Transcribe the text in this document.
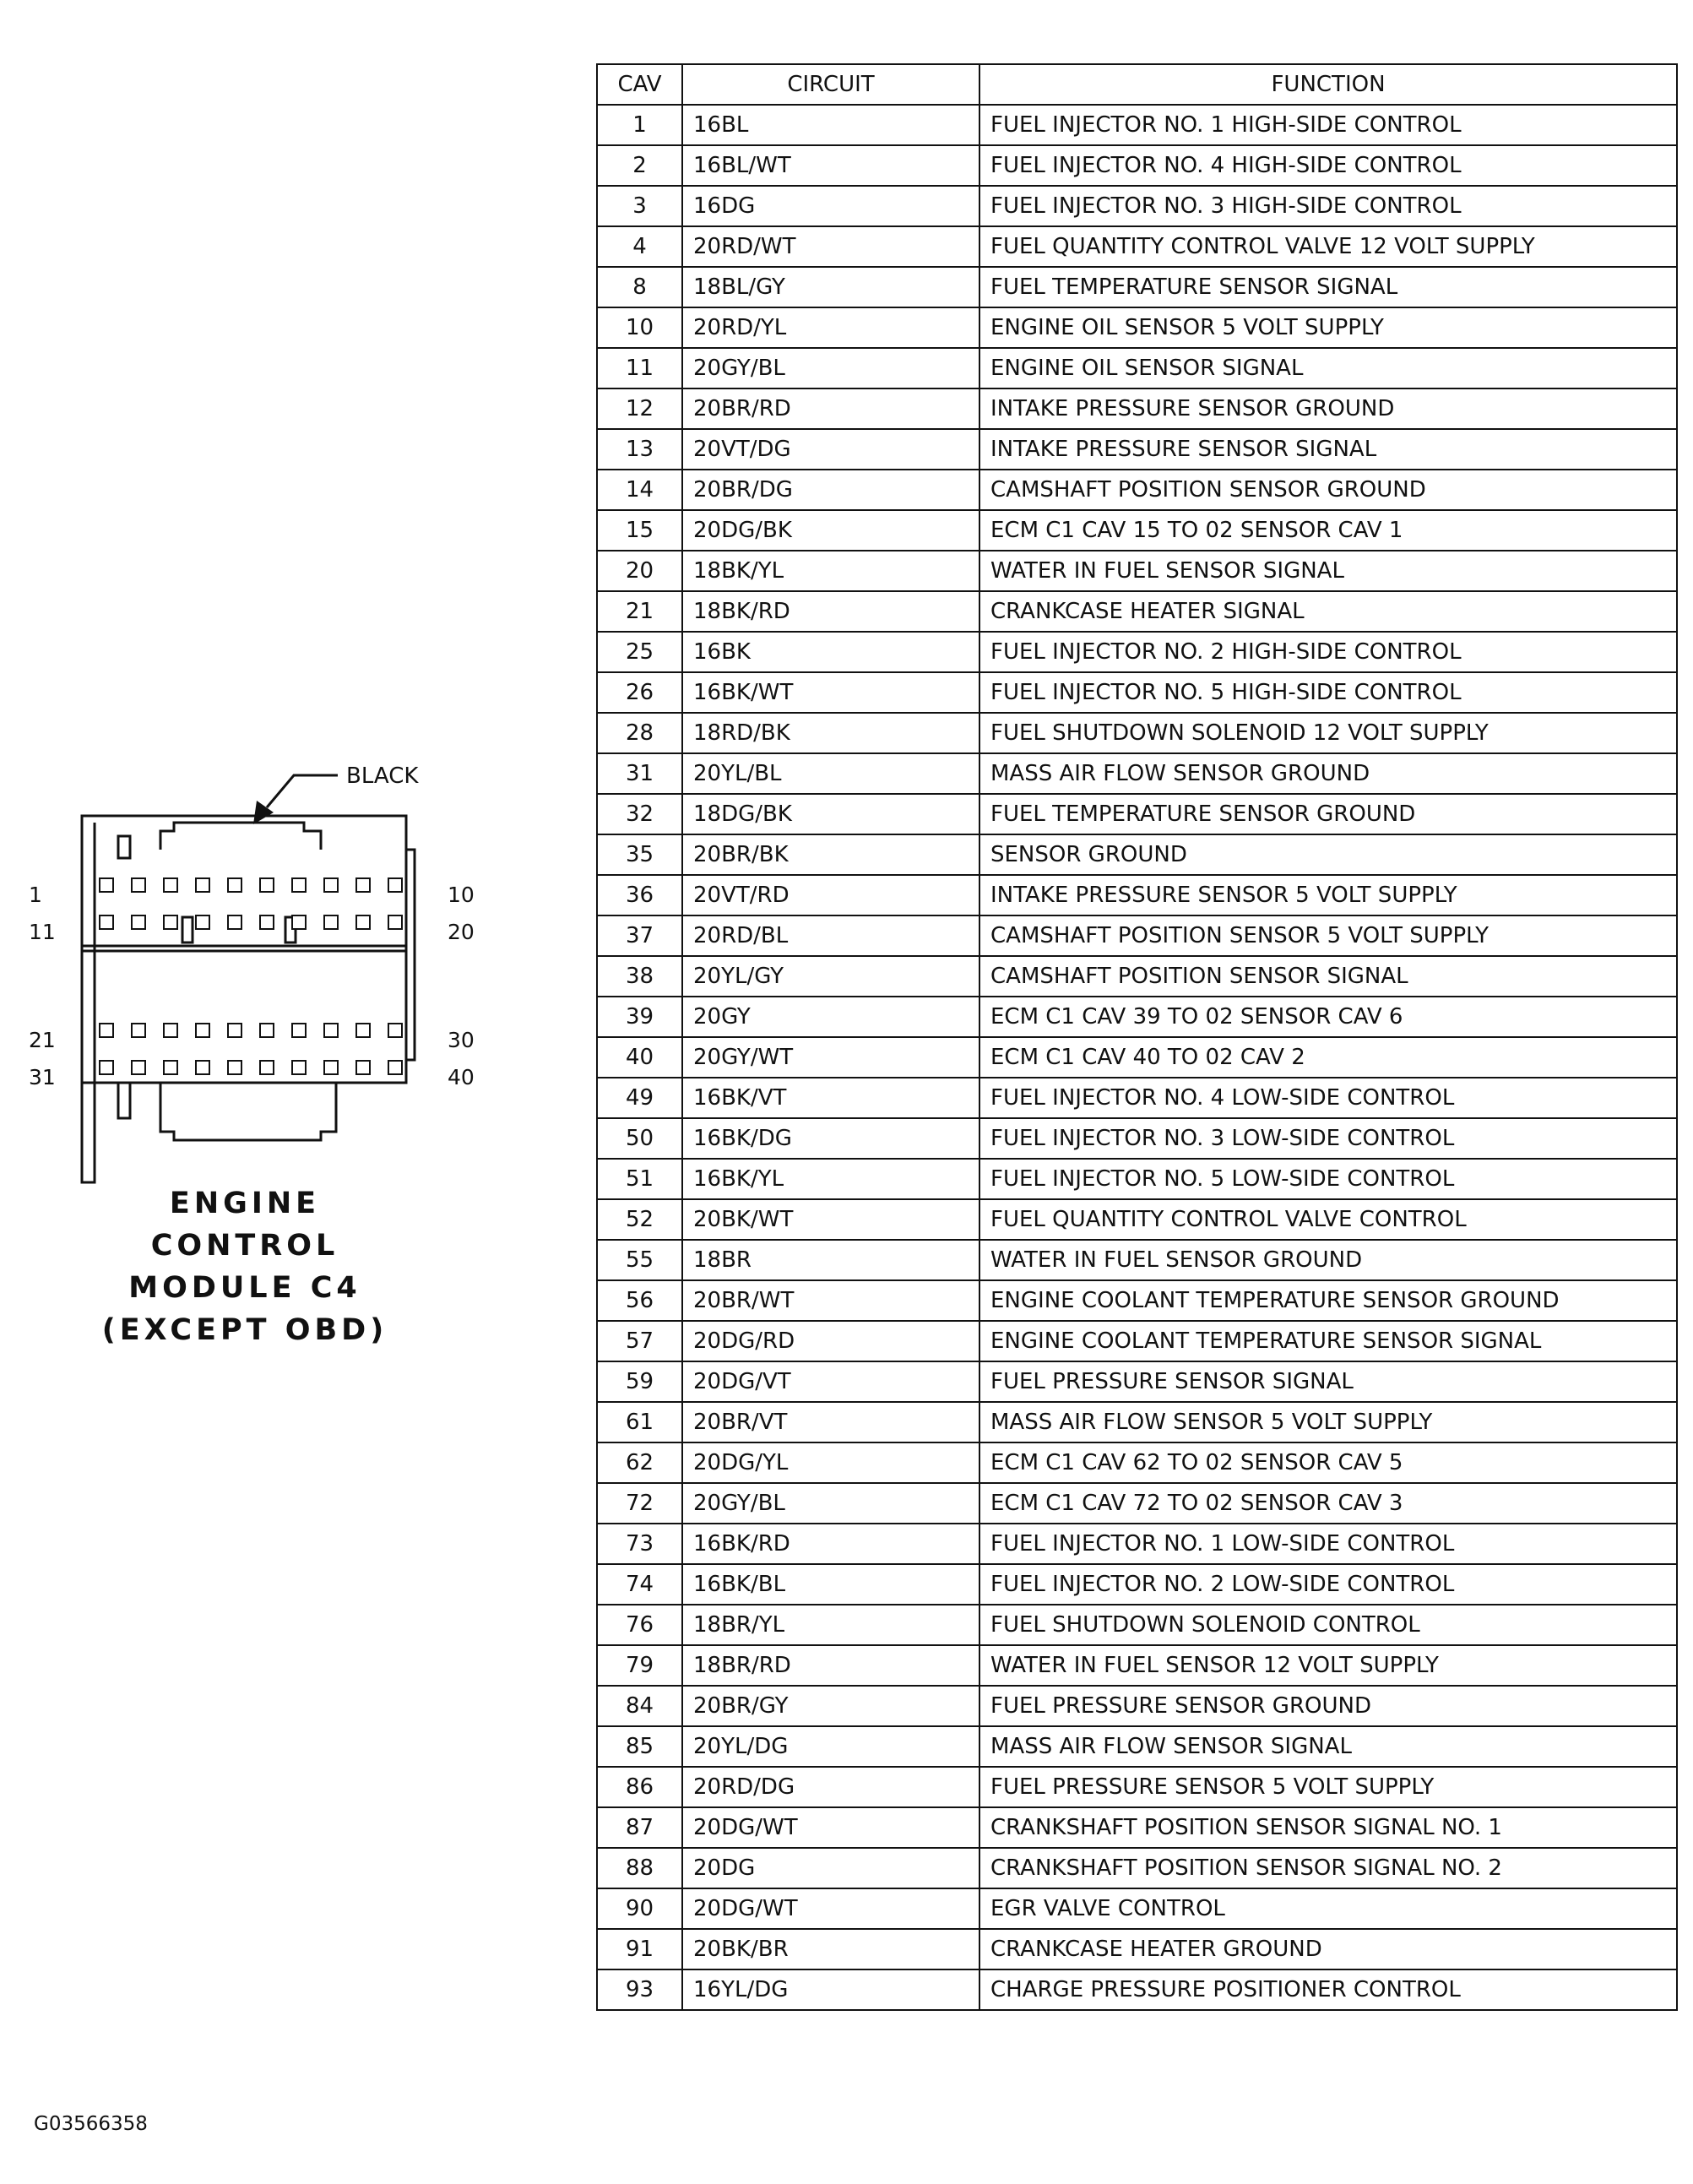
BLACK
1
11
21
31
10
20
30
40
ENGINE
CONTROL
MODULE C4
(EXCEPT OBD)
CAV	CIRCUIT	FUNCTION
1	16BL	FUEL INJECTOR NO. 1 HIGH-SIDE CONTROL
2	16BL/WT	FUEL INJECTOR NO. 4 HIGH-SIDE CONTROL
3	16DG	FUEL INJECTOR NO. 3 HIGH-SIDE CONTROL
4	20RD/WT	FUEL QUANTITY CONTROL VALVE 12 VOLT SUPPLY
8	18BL/GY	FUEL TEMPERATURE SENSOR SIGNAL
10	20RD/YL	ENGINE OIL SENSOR 5 VOLT SUPPLY
11	20GY/BL	ENGINE OIL SENSOR SIGNAL
12	20BR/RD	INTAKE PRESSURE SENSOR GROUND
13	20VT/DG	INTAKE PRESSURE SENSOR SIGNAL
14	20BR/DG	CAMSHAFT POSITION SENSOR GROUND
15	20DG/BK	ECM C1 CAV 15 TO 02 SENSOR CAV 1
20	18BK/YL	WATER IN FUEL SENSOR SIGNAL
21	18BK/RD	CRANKCASE HEATER SIGNAL
25	16BK	FUEL INJECTOR NO. 2 HIGH-SIDE CONTROL
26	16BK/WT	FUEL INJECTOR NO. 5 HIGH-SIDE CONTROL
28	18RD/BK	FUEL SHUTDOWN SOLENOID 12 VOLT SUPPLY
31	20YL/BL	MASS AIR FLOW SENSOR GROUND
32	18DG/BK	FUEL TEMPERATURE SENSOR GROUND
35	20BR/BK	SENSOR GROUND
36	20VT/RD	INTAKE PRESSURE SENSOR 5 VOLT SUPPLY
37	20RD/BL	CAMSHAFT POSITION SENSOR 5 VOLT SUPPLY
38	20YL/GY	CAMSHAFT POSITION SENSOR SIGNAL
39	20GY	ECM C1 CAV 39 TO 02 SENSOR CAV 6
40	20GY/WT	ECM C1 CAV 40 TO 02 CAV 2
49	16BK/VT	FUEL INJECTOR NO. 4 LOW-SIDE CONTROL
50	16BK/DG	FUEL INJECTOR NO. 3 LOW-SIDE CONTROL
51	16BK/YL	FUEL INJECTOR NO. 5 LOW-SIDE CONTROL
52	20BK/WT	FUEL QUANTITY CONTROL VALVE CONTROL
55	18BR	WATER IN FUEL SENSOR GROUND
56	20BR/WT	ENGINE COOLANT TEMPERATURE SENSOR GROUND
57	20DG/RD	ENGINE COOLANT TEMPERATURE SENSOR SIGNAL
59	20DG/VT	FUEL PRESSURE SENSOR SIGNAL
61	20BR/VT	MASS AIR FLOW SENSOR 5 VOLT SUPPLY
62	20DG/YL	ECM C1 CAV 62 TO 02 SENSOR CAV 5
72	20GY/BL	ECM C1 CAV 72 TO 02 SENSOR CAV 3
73	16BK/RD	FUEL INJECTOR NO. 1 LOW-SIDE CONTROL
74	16BK/BL	FUEL INJECTOR NO. 2 LOW-SIDE CONTROL
76	18BR/YL	FUEL SHUTDOWN SOLENOID CONTROL
79	18BR/RD	WATER IN FUEL SENSOR 12 VOLT SUPPLY
84	20BR/GY	FUEL PRESSURE SENSOR GROUND
85	20YL/DG	MASS AIR FLOW SENSOR SIGNAL
86	20RD/DG	FUEL PRESSURE SENSOR 5 VOLT SUPPLY
87	20DG/WT	CRANKSHAFT POSITION SENSOR SIGNAL NO. 1
88	20DG	CRANKSHAFT POSITION SENSOR SIGNAL NO. 2
90	20DG/WT	EGR VALVE CONTROL
91	20BK/BR	CRANKCASE HEATER GROUND
93	16YL/DG	CHARGE PRESSURE POSITIONER CONTROL

G03566358
